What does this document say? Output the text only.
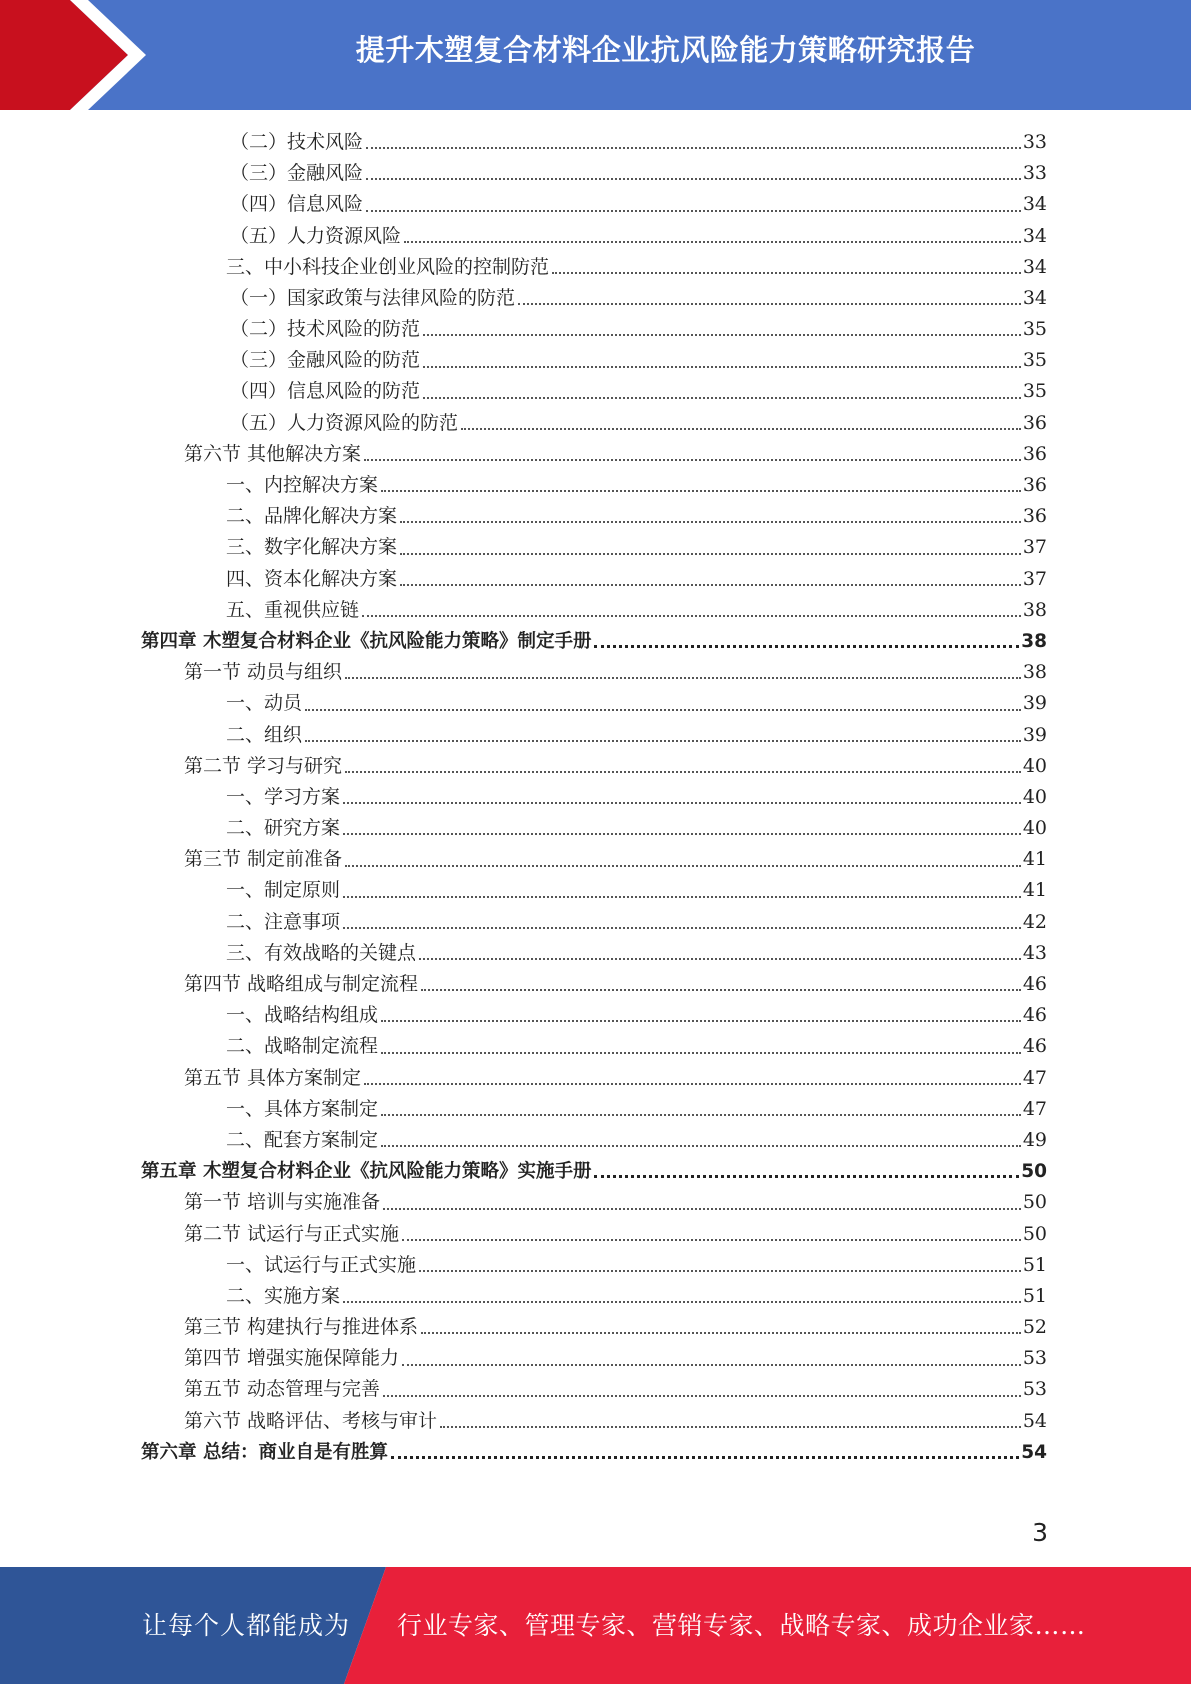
提升木塑复合材料企业抗风险能力策略研究报告
（二）技术风险	33
（三）金融风险	33
（四）信息风险	34
（五）人力资源风险	34
三、中小科技企业创业风险的控制防范	34
（一）国家政策与法律风险的防范	34
（二）技术风险的防范	35
（三）金融风险的防范	35
（四）信息风险的防范	35
（五）人力资源风险的防范	36
第六节 其他解决方案	36
一、内控解决方案	36
二、品牌化解决方案	36
三、数字化解决方案	37
四、资本化解决方案	37
五、重视供应链	38
第四章 木塑复合材料企业《抗风险能力策略》制定手册	38
第一节 动员与组织	38
一、动员	39
二、组织	39
第二节 学习与研究	40
一、学习方案	40
二、研究方案	40
第三节 制定前准备	41
一、制定原则	41
二、注意事项	42
三、有效战略的关键点	43
第四节 战略组成与制定流程	46
一、战略结构组成	46
二、战略制定流程	46
第五节 具体方案制定	47
一、具体方案制定	47
二、配套方案制定	49
第五章 木塑复合材料企业《抗风险能力策略》实施手册	50
第一节 培训与实施准备	50
第二节 试运行与正式实施	50
一、试运行与正式实施	51
二、实施方案	51
第三节 构建执行与推进体系	52
第四节 增强实施保障能力	53
第五节 动态管理与完善	53
第六节 战略评估、考核与审计	54
第六章 总结：商业自是有胜算	54
3
让每个人都能成为 行业专家、管理专家、营销专家、战略专家、成功企业家……
